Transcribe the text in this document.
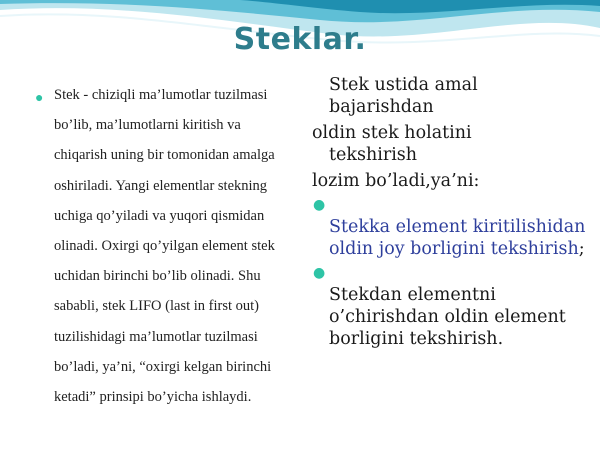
Steklar.
● Stek - chiziqli ma’lumotlar tuzilmasi bo’lib, ma’lumotlarni kiritish va chiqarish uning bir tomonidan amalga oshiriladi. Yangi elementlar stekning uchiga qo’yiladi va yuqori qismidan olinadi. Oxirgi qo’yilgan element stek uchidan birinchi bo’lib olinadi. Shu sababli, stek LIFO (last in first out) tuzilishidagi ma’lumotlar tuzilmasi bo’ladi, ya’ni, “oxirgi kelgan birinchi ketadi” prinsipi bo’yicha ishlaydi.
Stek ustida amal
bajarishdan
oldin stek holatini
tekshirish
lozim bo’ladi,ya’ni:
●
Stekka element kiritilishidan oldin joy borligini tekshirish;
●
Stekdan elementni o’chirishdan oldin element borligini tekshirish.
